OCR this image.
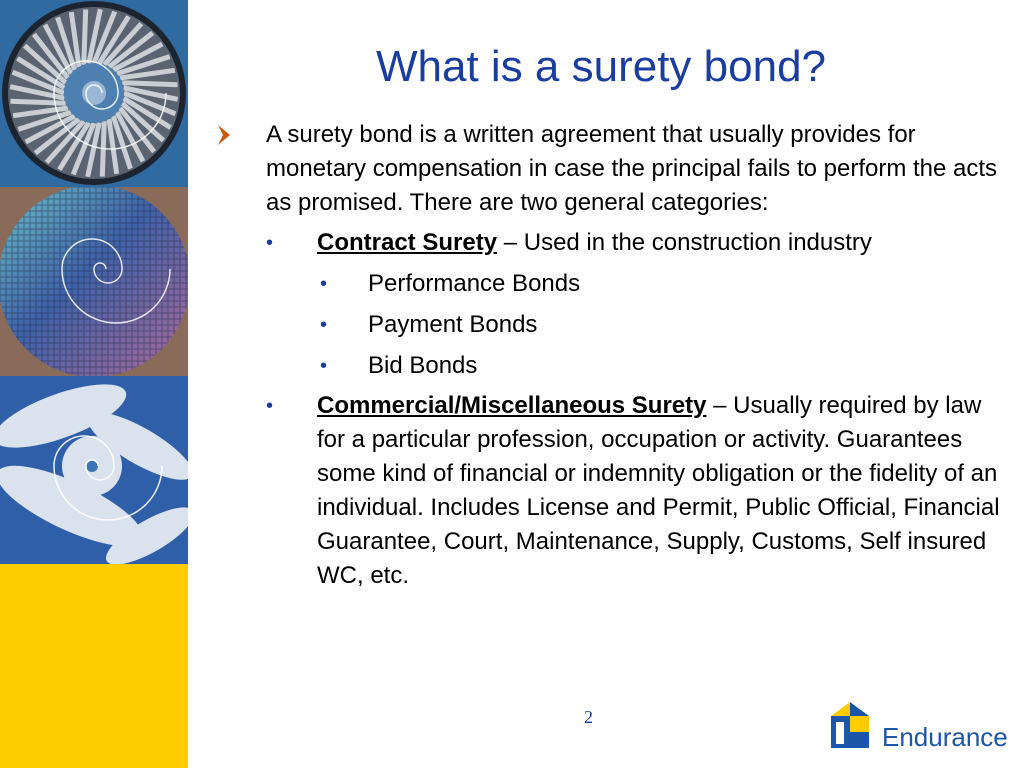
What is a surety bond?
A surety bond is a written agreement that usually provides for monetary compensation in case the principal fails to perform the acts as promised. There are two general categories:
• Contract Surety – Used in the construction industry
• Performance Bonds
• Payment Bonds
• Bid Bonds
• Commercial/Miscellaneous Surety – Usually required by law for a particular profession, occupation or activity. Guarantees some kind of financial or indemnity obligation or the fidelity of an individual. Includes License and Permit, Public Official, Financial Guarantee, Court, Maintenance, Supply, Customs, Self insured WC, etc.
2
Endurance
